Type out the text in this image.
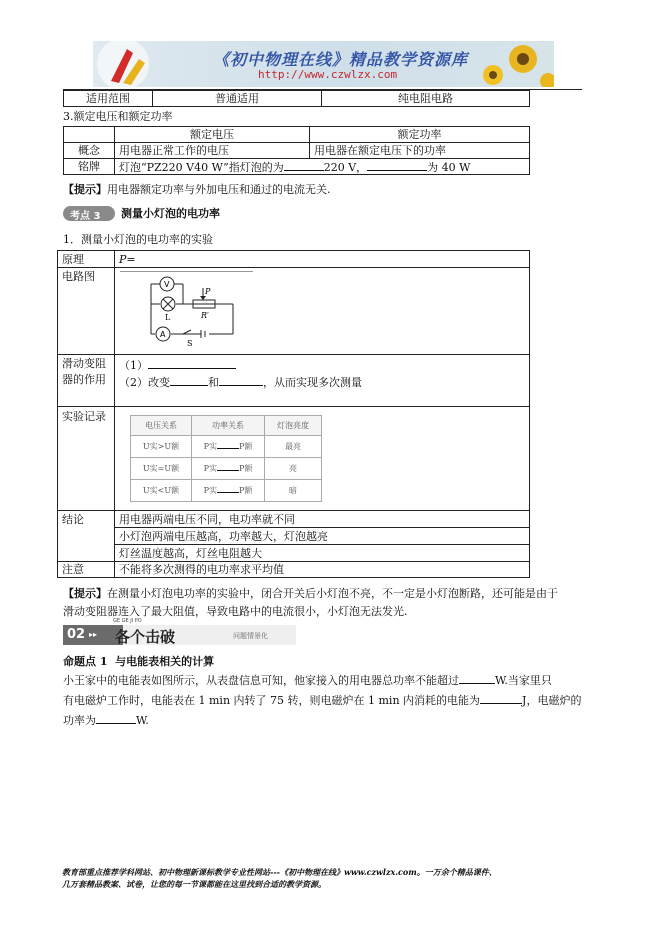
《初中物理在线》精品教学资源库
http://www.czwlzx.com
适用范围	普通适用	纯电阻电路
3.额定电压和额定功率
	额定电压	额定功率
概念	用电器正常工作的电压	用电器在额定电压下的功率
铭牌	灯泡“PZ220 V40 W”指灯泡的为 220 V， 为 40 W	
【提示】用电器额定功率与外加电压和通过的电流无关.
考点 3 测量小灯泡的电功率
1．测量小灯泡的电功率的实验
原理	P=
电路图	
V
A
P
L	R′
S

滑动变阻器的作用	
（1）
（2）改变	和	，从而实现多次测量

实验记录	
电压关系	功率关系	灯泡亮度
U实>U额	P实	P额	最亮
U实=U额	P实	P额	亮
U实<U额	P实	P额	暗

结论	用电器两端电压不同，电功率就不同
小灯泡两端电压越高，功率越大，灯泡越亮
灯丝温度越高，灯丝电阻越大
注意	不能将多次测得的电功率求平均值
【提示】在测量小灯泡电功率的实验中，闭合开关后小灯泡不亮，不一定是小灯泡断路，还可能是由于
滑动变阻器连入了最大阻值，导致电路中的电流很小，小灯泡无法发光.
02 ▸▸
GE GE JI PO
各个击破	问题情景化
命题点 1 与电能表相关的计算
小王家中的电能表如图所示，从表盘信息可知，他家接入的用电器总功率不能超过	W.当家里只
有电磁炉工作时，电能表在 1 min 内转了 75 转，则电磁炉在 1 min 内消耗的电能为	J，电磁炉的
功率为	W.
教育部重点推荐学科网站、初中物理新课标教学专业性网站---《初中物理在线》www.czwlzx.com。一万余个精品课件、
几万套精品教案、试卷，让您的每一节课都能在这里找到合适的教学资源。
